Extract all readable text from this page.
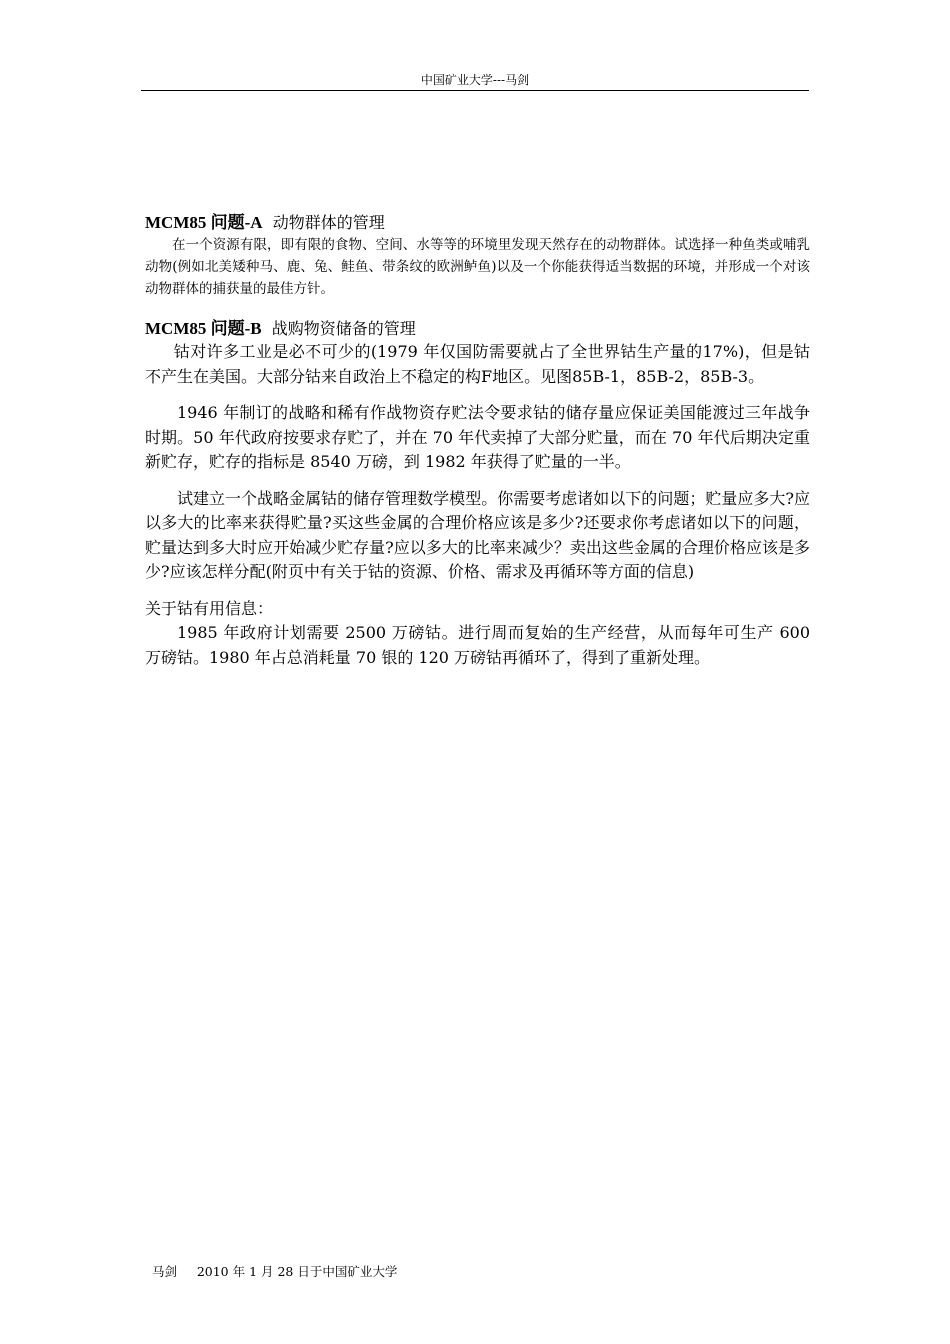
中国矿业大学---马剑

MCM85 问题-A 动物群体的管理

在一个资源有限，即有限的食物、空间、水等等的环境里发现天然存在的动物群体。试选择一种鱼类或哺乳动物(例如北美矮种马、鹿、兔、鲑鱼、带条纹的欧洲鲈鱼)以及一个你能获得适当数据的环境，并形成一个对该动物群体的捕获量的最佳方针。

MCM85 问题-B 战购物资储备的管理

钴对许多工业是必不可少的(1979 年仅国防需要就占了全世界钴生产量的17%)，但是钴不产生在美国。大部分钴来自政治上不稳定的构F地区。见图85B-1，85B-2，85B-3。

1946 年制订的战略和稀有作战物资存贮法令要求钴的储存量应保证美国能渡过三年战争时期。50 年代政府按要求存贮了，并在 70 年代卖掉了大部分贮量，而在 70 年代后期决定重新贮存，贮存的指标是 8540 万磅，到 1982 年获得了贮量的一半。

试建立一个战略金属钴的储存管理数学模型。你需要考虑诸如以下的问题；贮量应多大?应以多大的比率来获得贮量?买这些金属的合理价格应该是多少?还要求你考虑诸如以下的问题，贮量达到多大时应开始减少贮存量?应以多大的比率来减少？卖出这些金属的合理价格应该是多少?应该怎样分配(附页中有关于钴的资源、价格、需求及再循环等方面的信息)

关于钴有用信息：

1985 年政府计划需要 2500 万磅钴。进行周而复始的生产经营，从而每年可生产 600 万磅钴。1980 年占总消耗量 70 银的 120 万磅钴再循环了，得到了重新处理。

马剑     2010 年 1 月 28 日于中国矿业大学
